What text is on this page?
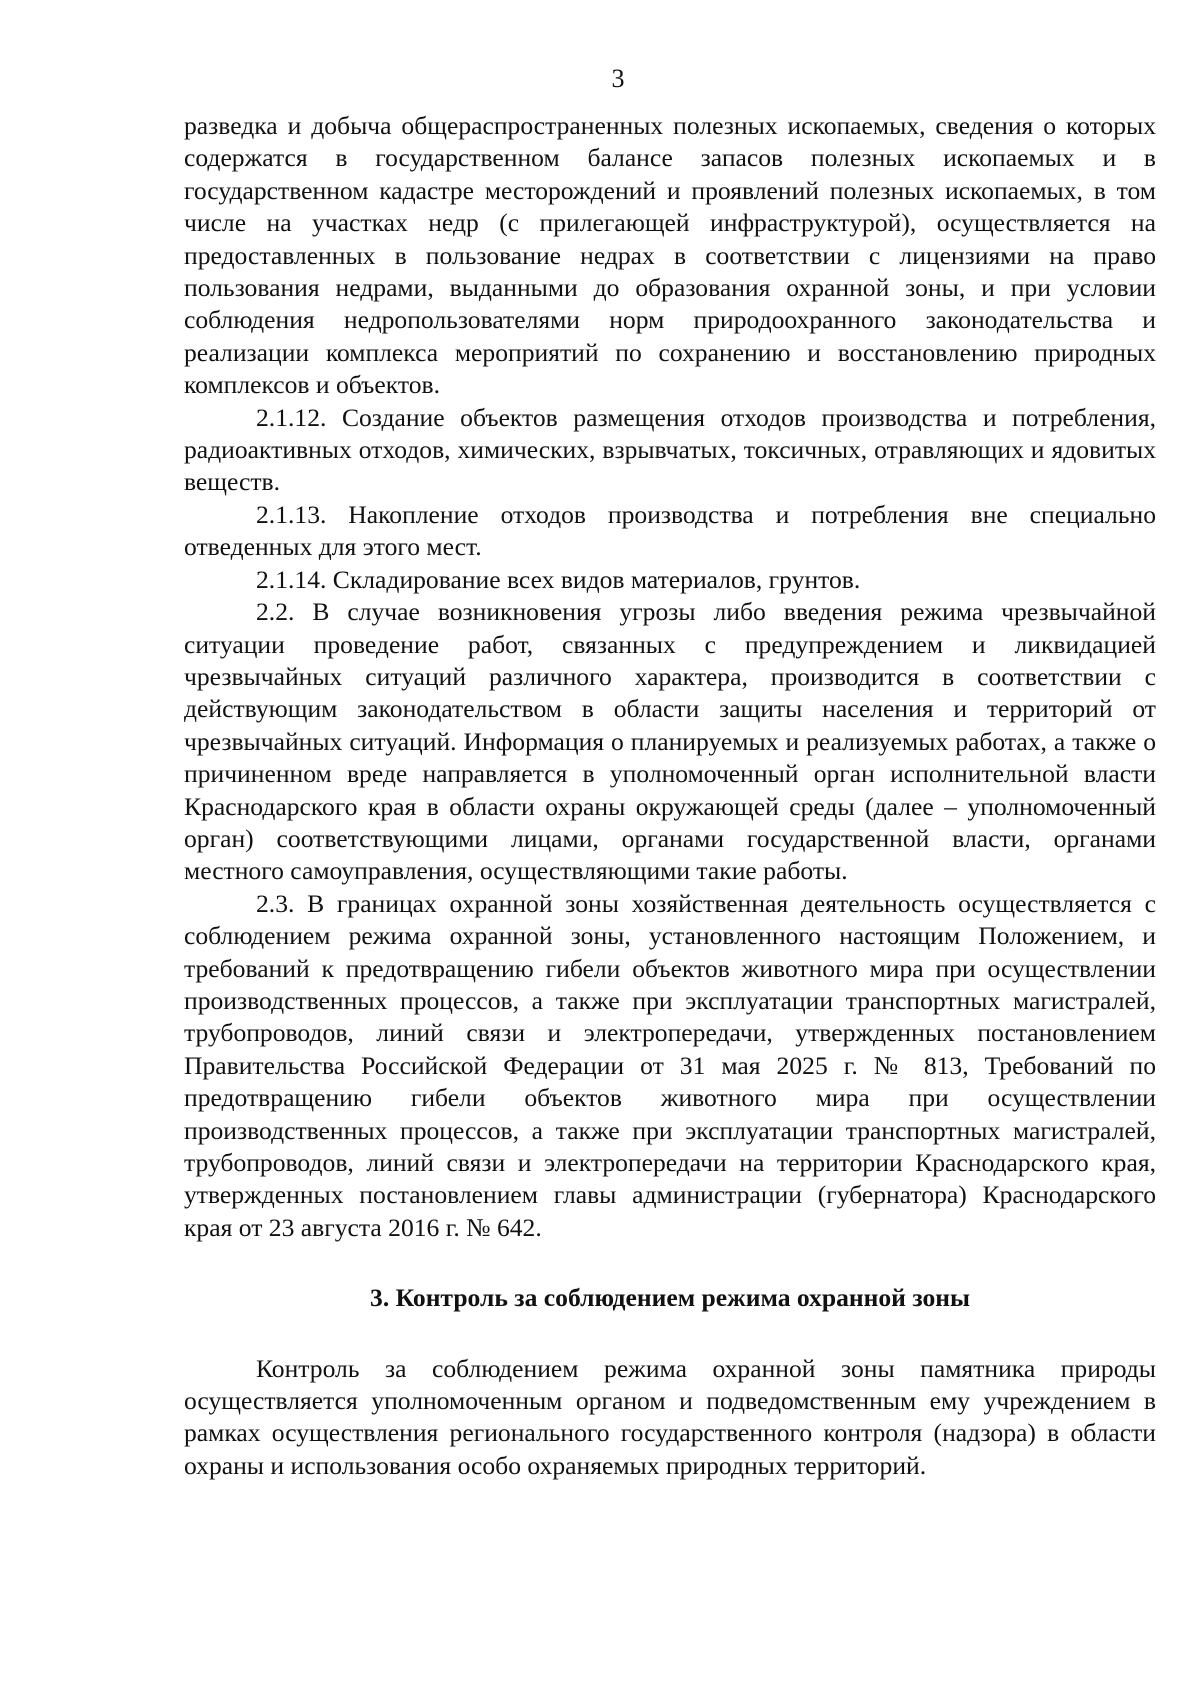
3

разведка и добыча общераспространенных полезных ископаемых, сведения о которых содержатся в государственном балансе запасов полезных ископаемых и в государственном кадастре месторождений и проявлений полезных ископаемых, в том числе на участках недр (с прилегающей инфраструктурой), осуществляется на предоставленных в пользование недрах в соответствии с лицензиями на право пользования недрами, выданными до образования охранной зоны, и при условии соблюдения недропользователями норм природоохранного законодательства и реализации комплекса мероприятий по сохранению и восстановлению природных комплексов и объектов.

2.1.12. Создание объектов размещения отходов производства и потребления, радиоактивных отходов, химических, взрывчатых, токсичных, отравляющих и ядовитых веществ.

2.1.13. Накопление отходов производства и потребления вне специально отведенных для этого мест.

2.1.14. Складирование всех видов материалов, грунтов.

2.2. В случае возникновения угрозы либо введения режима чрезвычайной ситуации проведение работ, связанных с предупреждением и ликвидацией чрезвычайных ситуаций различного характера, производится в соответствии с действующим законодательством в области защиты населения и территорий от чрезвычайных ситуаций. Информация о планируемых и реализуемых работах, а также о причиненном вреде направляется в уполномоченный орган исполнительной власти Краснодарского края в области охраны окружающей среды (далее – уполномоченный орган) соответствующими лицами, органами государственной власти, органами местного самоуправления, осуществляющими такие работы.

2.3. В границах охранной зоны хозяйственная деятельность осуществляется с соблюдением режима охранной зоны, установленного настоящим Положением, и требований к предотвращению гибели объектов животного мира при осуществлении производственных процессов, а также при эксплуатации транспортных магистралей, трубопроводов, линий связи и электропередачи, утвержденных постановлением Правительства Российской Федерации от 31 мая 2025 г. № 813, Требований по предотвращению гибели объектов животного мира при осуществлении производственных процессов, а также при эксплуатации транспортных магистралей, трубопроводов, линий связи и электропередачи на территории Краснодарского края, утвержденных постановлением главы администрации (губернатора) Краснодарского края от 23 августа 2016 г. № 642.

3. Контроль за соблюдением режима охранной зоны

Контроль за соблюдением режима охранной зоны памятника природы осуществляется уполномоченным органом и подведомственным ему учреждением в рамках осуществления регионального государственного контроля (надзора) в области охраны и использования особо охраняемых природных территорий.
